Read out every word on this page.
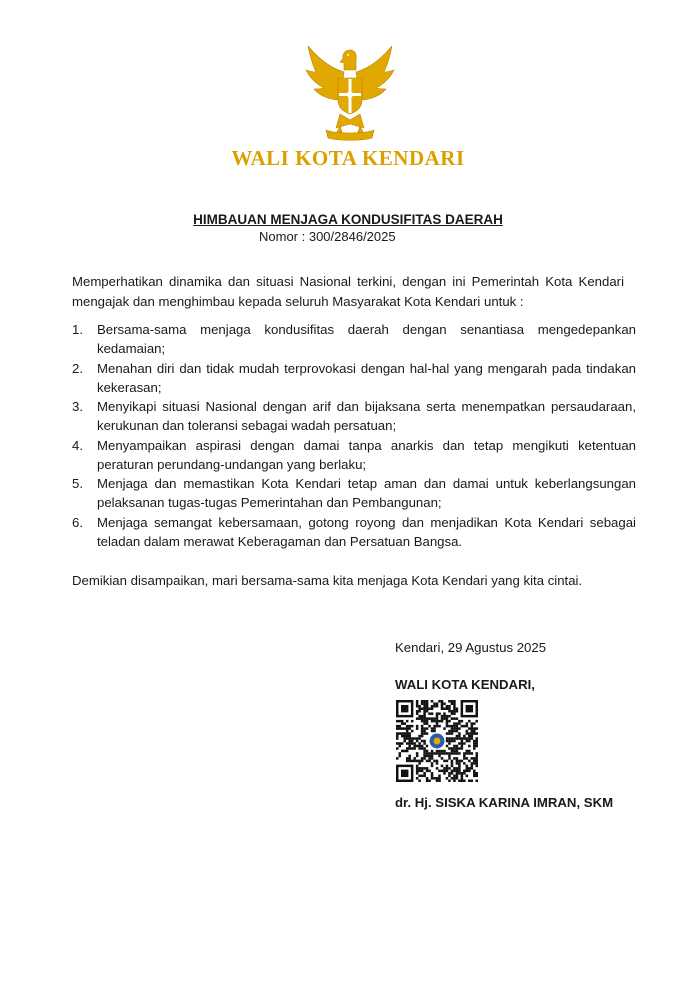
WALI KOTA KENDARI
HIMBAUAN MENJAGA KONDUSIFITAS DAERAH
Nomor : 300/2846/2025
Memperhatikan dinamika dan situasi Nasional terkini, dengan ini Pemerintah Kota Kendari mengajak dan menghimbau kepada seluruh Masyarakat Kota Kendari untuk :
1.	Bersama-sama menjaga kondusifitas daerah dengan senantiasa mengedepankan kedamaian;
2.	Menahan diri dan tidak mudah terprovokasi dengan hal-hal yang mengarah pada tindakan kekerasan;
3.	Menyikapi situasi Nasional dengan arif dan bijaksana serta menempatkan persaudaraan, kerukunan dan toleransi sebagai wadah persatuan;
4.	Menyampaikan aspirasi dengan damai tanpa anarkis dan tetap mengikuti ketentuan peraturan perundang-undangan yang berlaku;
5.	Menjaga dan memastikan Kota Kendari tetap aman dan damai untuk keberlangsungan pelaksanan tugas-tugas Pemerintahan dan Pembangunan;
6.	Menjaga semangat kebersamaan, gotong royong dan menjadikan Kota Kendari sebagai teladan dalam merawat Keberagaman dan Persatuan Bangsa.
Demikian disampaikan, mari bersama-sama kita menjaga Kota Kendari yang kita cintai.
Kendari, 29 Agustus 2025
WALI KOTA KENDARI,
dr. Hj. SISKA KARINA IMRAN, SKM
